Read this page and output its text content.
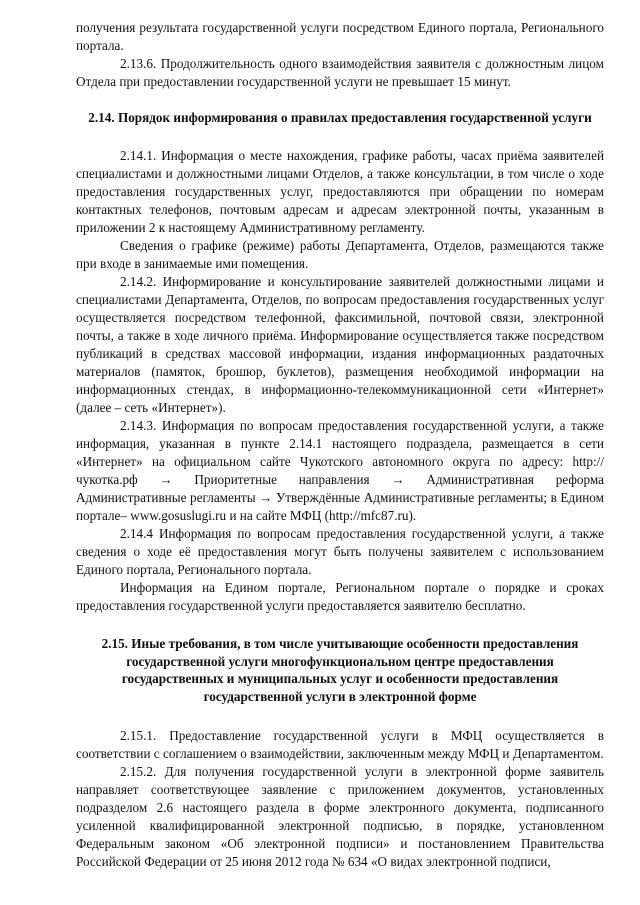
получения результата государственной услуги посредством Единого портала, Регионального портала.

2.13.6. Продолжительность одного взаимодействия заявителя с должностным лицом Отдела при предоставлении государственной услуги не превышает 15 минут.

2.14. Порядок информирования о правилах предоставления государственной услуги

2.14.1. Информация о месте нахождения, графике работы, часах приёма заявителей специалистами и должностными лицами Отделов, а также консультации, в том числе о ходе предоставления государственных услуг, предоставляются при обращении по номерам контактных телефонов, почтовым адресам и адресам электронной почты, указанным в приложении 2 к настоящему Административному регламенту.

Сведения о графике (режиме) работы Департамента, Отделов, размещаются также при входе в занимаемые ими помещения.

2.14.2. Информирование и консультирование заявителей должностными лицами и специалистами Департамента, Отделов, по вопросам предоставления государственных услуг осуществляется посредством телефонной, факсимильной, почтовой связи, электронной почты, а также в ходе личного приёма. Информирование осуществляется также посредством публикаций в средствах массовой информации, издания информационных раздаточных материалов (памяток, брошюр, буклетов), размещения необходимой информации на информационных стендах, в информационно-телекоммуникационной сети «Интернет» (далее – сеть «Интернет»).

2.14.3. Информация по вопросам предоставления государственной услуги, а также информация, указанная в пункте 2.14.1 настоящего подраздела, размещается в сети «Интернет» на официальном сайте Чукотского автономного округа по адресу: http://чукотка.рф → Приоритетные направления → Административная реформа Административные регламенты → Утверждённые Административные регламенты; в Едином портале– www.gosuslugi.ru и на сайте МФЦ (http://mfc87.ru).

2.14.4 Информация по вопросам предоставления государственной услуги, а также сведения о ходе её предоставления могут быть получены заявителем с использованием Единого портала, Регионального портала.

Информация на Едином портале, Региональном портале о порядке и сроках предоставления государственной услуги предоставляется заявителю бесплатно.

2.15. Иные требования, в том числе учитывающие особенности предоставления государственной услуги многофункциональном центре предоставления государственных и муниципальных услуг и особенности предоставления государственной услуги в электронной форме

2.15.1. Предоставление государственной услуги в МФЦ осуществляется в соответствии с соглашением о взаимодействии, заключенным между МФЦ и Департаментом.

2.15.2. Для получения государственной услуги в электронной форме заявитель направляет соответствующее заявление с приложением документов, установленных подразделом 2.6 настоящего раздела в форме электронного документа, подписанного усиленной квалифицированной электронной подписью, в порядке, установленном Федеральным законом «Об электронной подписи» и постановлением Правительства Российской Федерации от 25 июня 2012 года № 634 «О видах электронной подписи,
